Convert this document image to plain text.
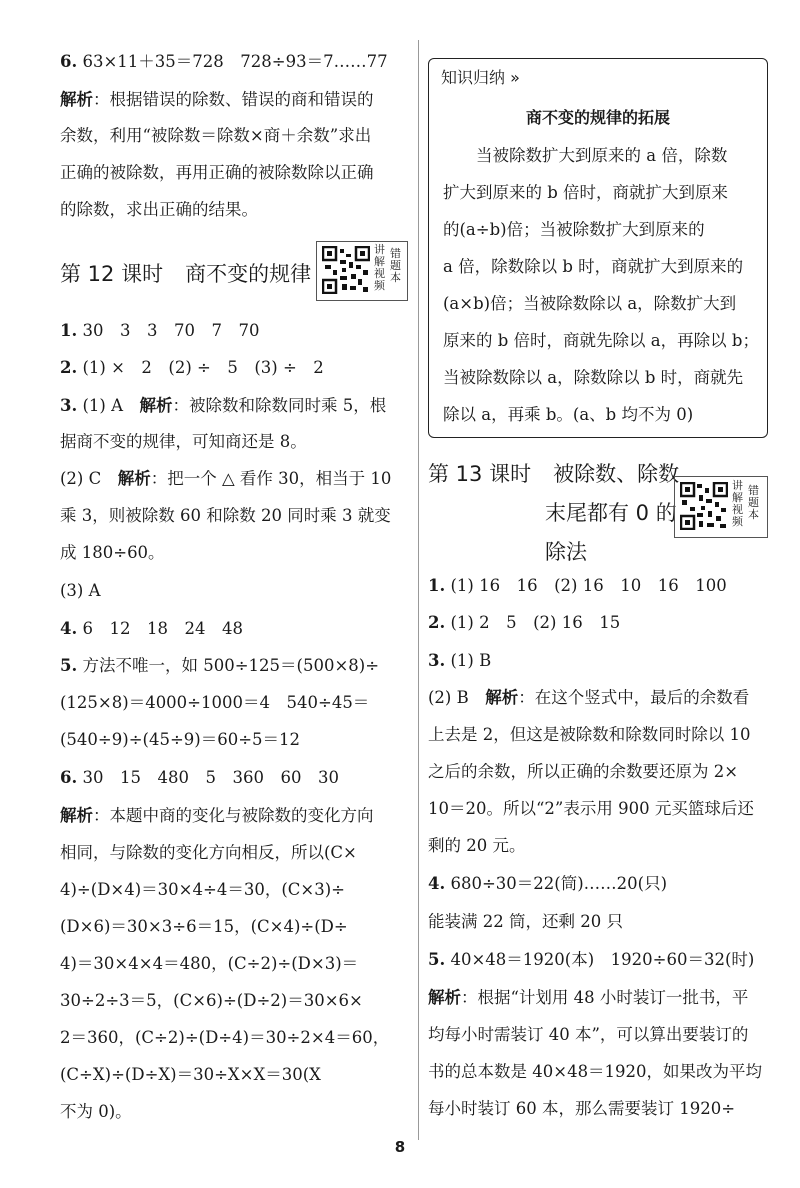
6. 63×11＋35＝728　728÷93＝7……77
解析：根据错误的除数、错误的商和错误的
余数，利用“被除数＝除数×商＋余数”求出
正确的被除数，再用正确的被除数除以正确
的除数，求出正确的结果。
第 12 课时 商不变的规律
讲
解
视
频
错
题
本
1. 30　3　3　70　7　70
2. (1) ×　2　(2) ÷　5　(3) ÷　2
3. (1) A　解析：被除数和除数同时乘 5，根
据商不变的规律，可知商还是 8。
(2) C　解析：把一个 △ 看作 30，相当于 10
乘 3，则被除数 60 和除数 20 同时乘 3 就变
成 180÷60。
(3) A
4. 6　12　18　24　48
5. 方法不唯一，如 500÷125＝(500×8)÷
(125×8)＝4000÷1000＝4　540÷45＝
(540÷9)÷(45÷9)＝60÷5＝12
6. 30　15　480　5　360　60　30
解析：本题中商的变化与被除数的变化方向
相同，与除数的变化方向相反，所以(C×
4)÷(D×4)＝30×4÷4＝30，(C×3)÷
(D×6)＝30×3÷6＝15，(C×4)÷(D÷
4)＝30×4×4＝480，(C÷2)÷(D×3)＝
30÷2÷3＝5，(C×6)÷(D÷2)＝30×6×
2＝360，(C÷2)÷(D÷4)＝30÷2×4＝60，
(C÷X)÷(D÷X)＝30÷X×X＝30(X
不为 0)。
知识归纳 »
商不变的规律的拓展
　　当被除数扩大到原来的 a 倍，除数
扩大到原来的 b 倍时，商就扩大到原来
的(a÷b)倍；当被除数扩大到原来的
a 倍，除数除以 b 时，商就扩大到原来的
(a×b)倍；当被除数除以 a，除数扩大到
原来的 b 倍时，商就先除以 a，再除以 b；
当被除数除以 a，除数除以 b 时，商就先
除以 a，再乘 b。(a、b 均不为 0)
第 13 课时 被除数、除数
末尾都有 0 的
除法
讲
解
视
频
错
题
本
1. (1) 16　16　(2) 16　10　16　100
2. (1) 2　5　(2) 16　15
3. (1) B
(2) B　解析：在这个竖式中，最后的余数看
上去是 2，但这是被除数和除数同时除以 10
之后的余数，所以正确的余数要还原为 2×
10＝20。所以“2”表示用 900 元买篮球后还
剩的 20 元。
4. 680÷30＝22(筒)……20(只)
能装满 22 筒，还剩 20 只
5. 40×48＝1920(本)　1920÷60＝32(时)
解析：根据“计划用 48 小时装订一批书，平
均每小时需装订 40 本”，可以算出要装订的
书的总本数是 40×48＝1920，如果改为平均
每小时装订 60 本，那么需要装订 1920÷
8
